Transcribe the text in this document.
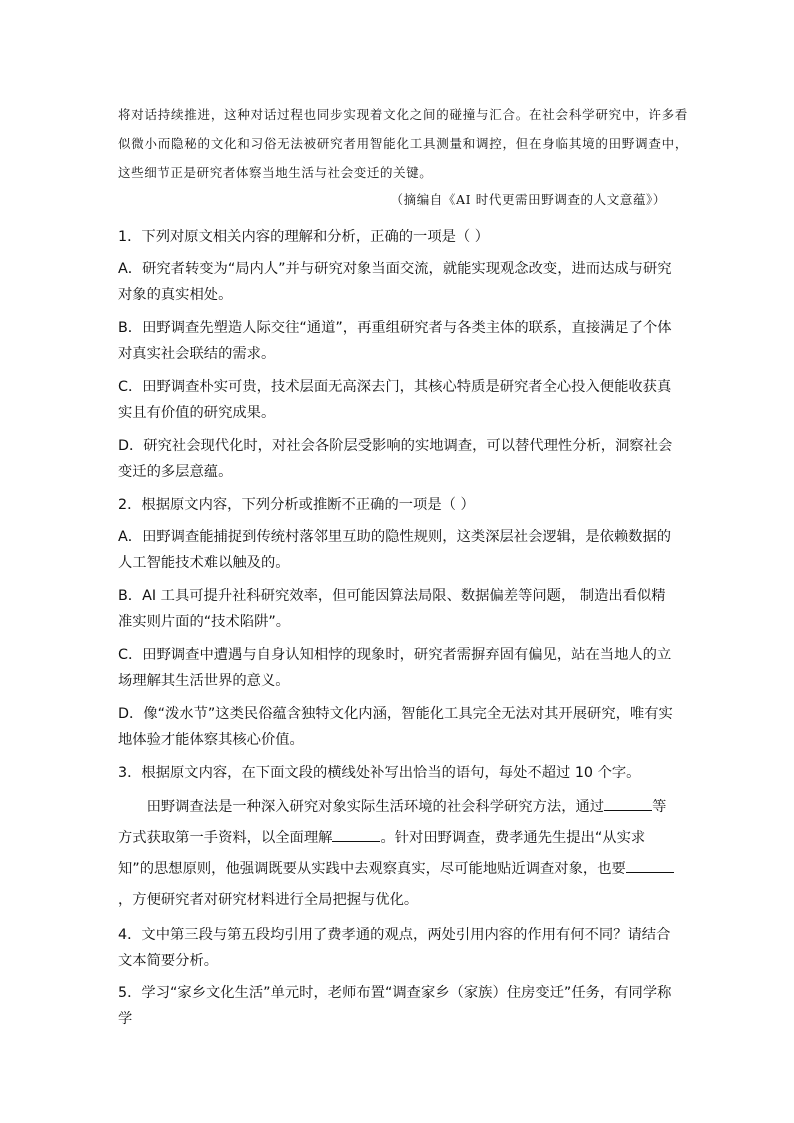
将对话持续推进，这种对话过程也同步实现着文化之间的碰撞与汇合。在社会科学研究中，许多看似微小而隐秘的文化和习俗无法被研究者用智能化工具测量和调控，但在身临其境的田野调查中，这些细节正是研究者体察当地生活与社会变迁的关键。

（摘编自《AI 时代更需田野调查的人文意蕴》）

1．下列对原文相关内容的理解和分析，正确的一项是（ ）

A．研究者转变为“局内人”并与研究对象当面交流，就能实现观念改变，进而达成与研究对象的真实相处。

B．田野调查先塑造人际交往“通道”，再重组研究者与各类主体的联系，直接满足了个体对真实社会联结的需求。

C．田野调查朴实可贵，技术层面无高深去门，其核心特质是研究者全心投入便能收获真实且有价值的研究成果。

D．研究社会现代化时，对社会各阶层受影响的实地调查，可以替代理性分析，洞察社会变迁的多层意蕴。

2．根据原文内容，下列分析或推断不正确的一项是（ ）

A．田野调查能捕捉到传统村落邻里互助的隐性规则，这类深层社会逻辑，是依赖数据的人工智能技术难以触及的。

B．AI 工具可提升社科研究效率，但可能因算法局限、数据偏差等问题， 制造出看似精准实则片面的“技术陷阱”。

C．田野调查中遭遇与自身认知相悖的现象时，研究者需摒弃固有偏见，站在当地人的立场理解其生活世界的意义。

D．像“泼水节”这类民俗蕴含独特文化内涵，智能化工具完全无法对其开展研究，唯有实地体验才能体察其核心价值。

3．根据原文内容，在下面文段的横线处补写出恰当的语句，每处不超过 10 个字。

田野调查法是一种深入研究对象实际生活环境的社会科学研究方法，通过	等方式获取第一手资料，以全面理解	。针对田野调查，费孝通先生提出“从实求知”的思想原则，他强调既要从实践中去观察真实，尽可能地贴近调查对象，也要，方便研究者对研究材料进行全局把握与优化。

4．文中第三段与第五段均引用了费孝通的观点，两处引用内容的作用有何不同？请结合文本简要分析。

5．学习“家乡文化生活”单元时，老师布置“调查家乡（家族）住房变迁”任务，有同学称学
